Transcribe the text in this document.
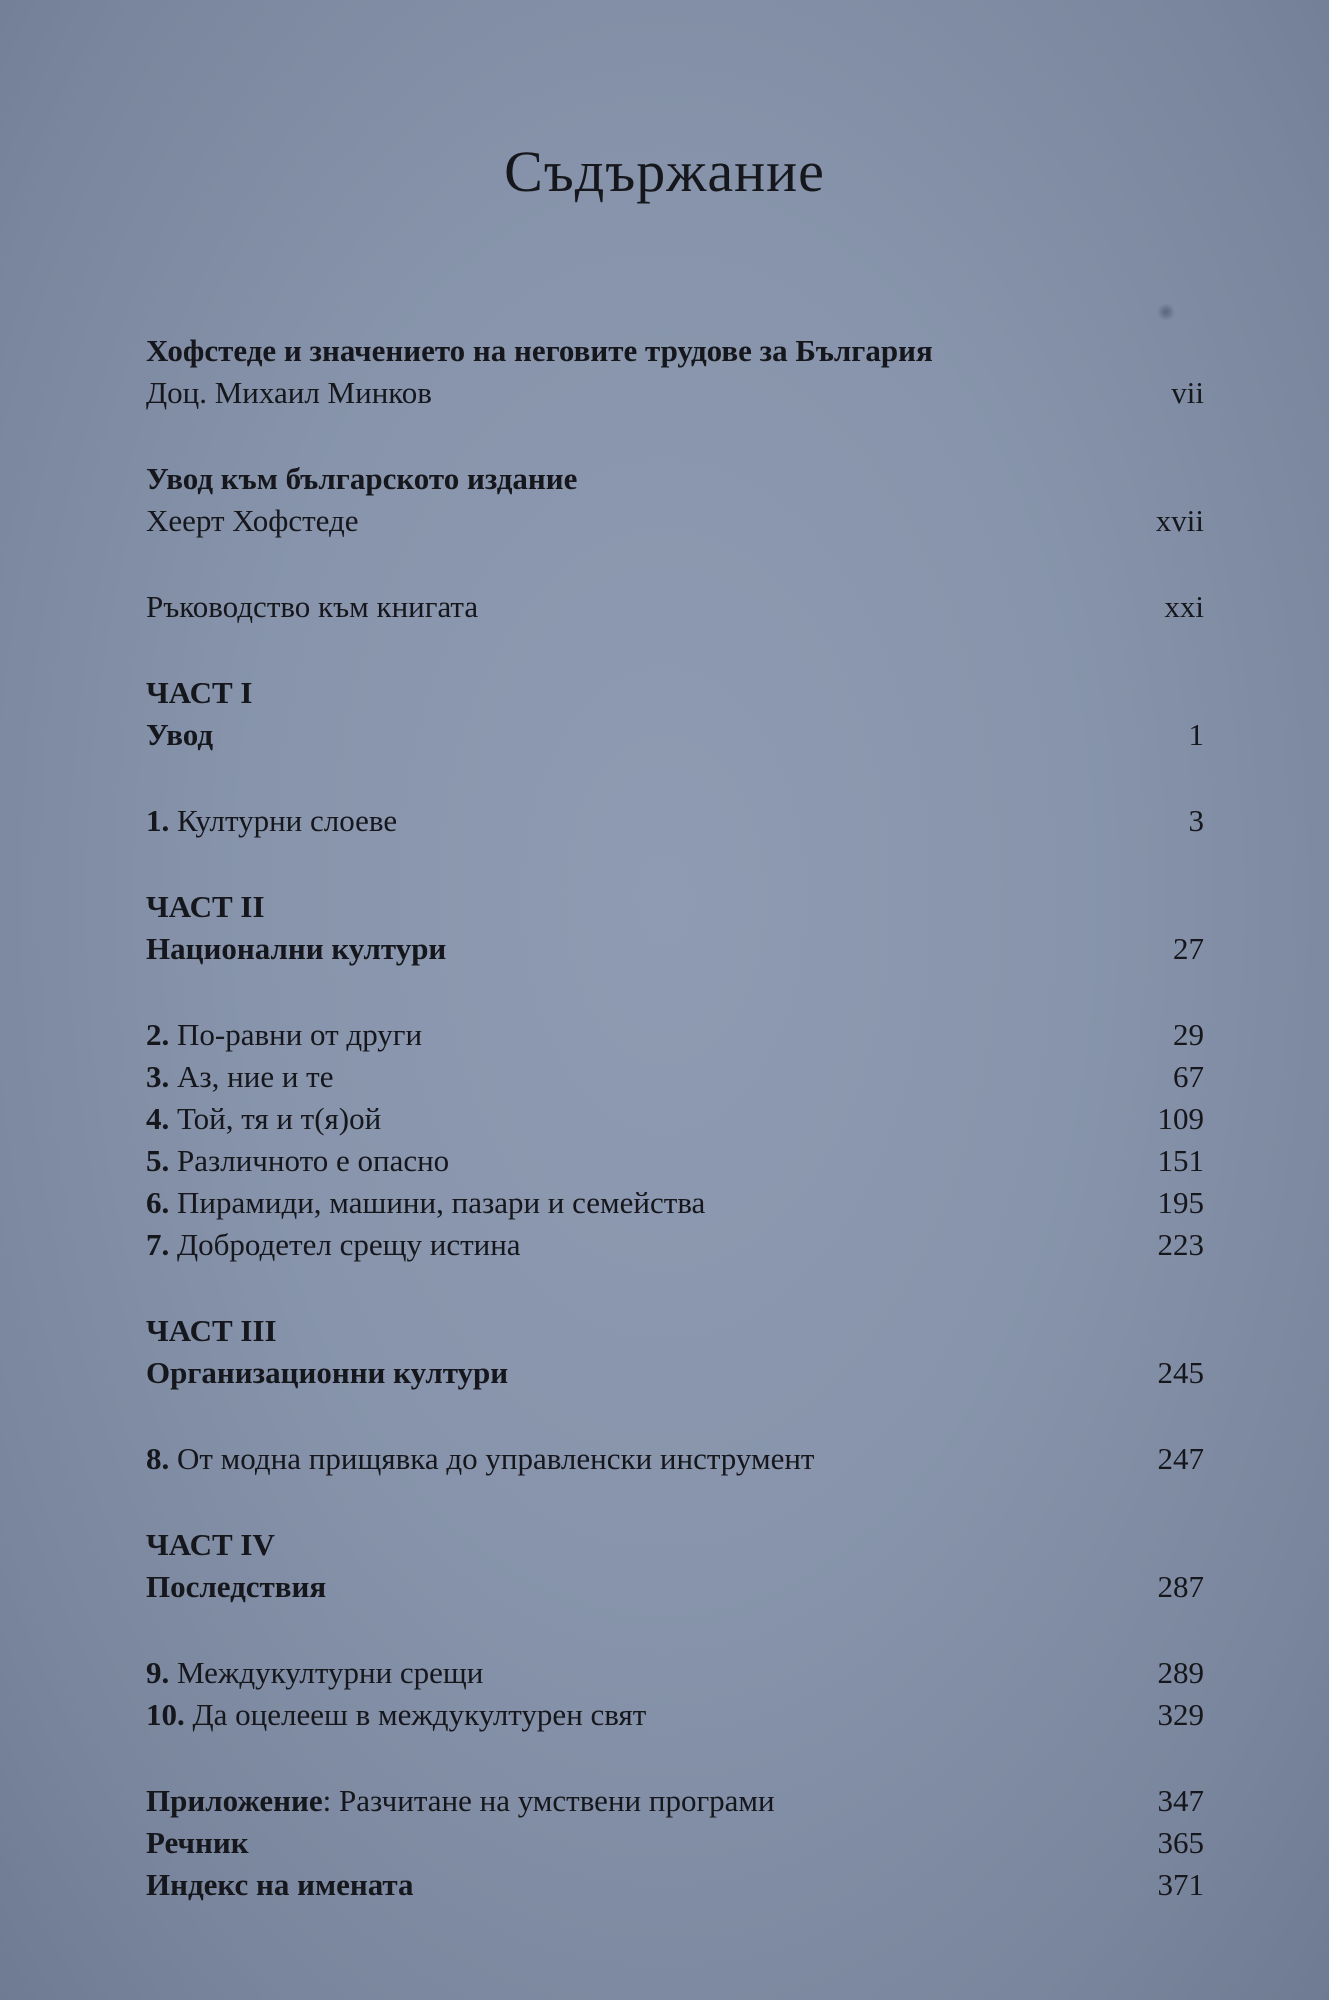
Съдържание
Хофстеде и значението на неговите трудове за България
Доц. Михаил Минков	vii
Увод към българското издание
Хеерт Хофстеде	xvii
Ръководство към книгата	xxi
ЧАСТ I
Увод	1
1. Културни слоеве	3
ЧАСТ II
Национални култури	27
2. По-равни от други	29
3. Аз, ние и те	67
4. Той, тя и т(я)ой	109
5. Различното е опасно	151
6. Пирамиди, машини, пазари и семейства	195
7. Добродетел срещу истина	223
ЧАСТ III
Организационни култури	245
8. От модна прищявка до управленски инструмент	247
ЧАСТ IV
Последствия	287
9. Междукултурни срещи	289
10. Да оцелееш в междукултурен свят	329
Приложение: Разчитане на умствени програми	347
Речник	365
Индекс на имената	371
